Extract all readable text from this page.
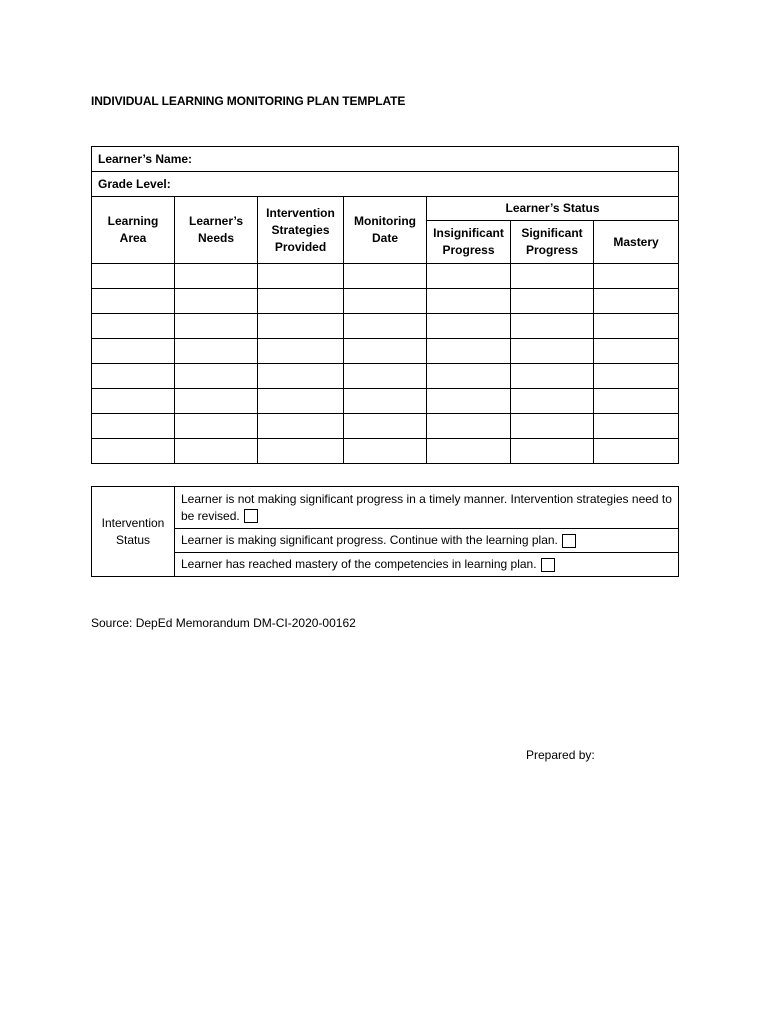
INDIVIDUAL LEARNING MONITORING PLAN TEMPLATE
Learner’s Name:						
Grade Level:						
Learning Area	Learner’s Needs	Intervention Strategies Provided	Monitoring Date	Learner’s Status		
				Insignificant Progress	Significant Progress	Mastery

Intervention Status	Learner is not making significant progress in a timely manner. Intervention strategies need to be revised.
Learner is making significant progress. Continue with the learning plan.
Learner has reached mastery of the competencies in learning plan.
Source: DepEd Memorandum DM-CI-2020-00162
Prepared by:
